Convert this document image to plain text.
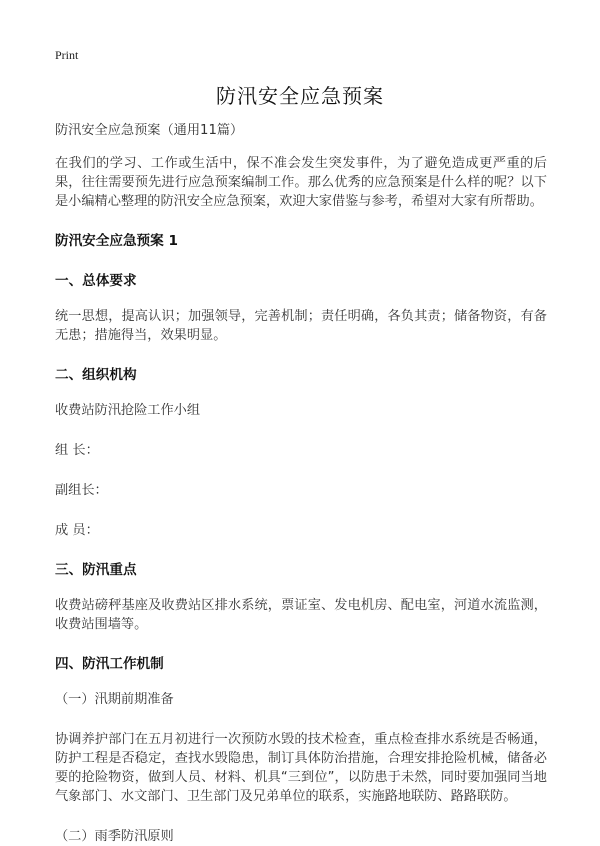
Print
防汛安全应急预案

防汛安全应急预案（通用11篇）

在我们的学习、工作或生活中，保不准会发生突发事件，为了避免造成更严重的后果，往往需要预先进行应急预案编制工作。那么优秀的应急预案是什么样的呢？以下是小编精心整理的防汛安全应急预案，欢迎大家借鉴与参考，希望对大家有所帮助。

防汛安全应急预案 1

一、总体要求

统一思想，提高认识；加强领导，完善机制；责任明确，各负其责；储备物资，有备无患；措施得当，效果明显。

二、组织机构

收费站防汛抢险工作小组

组 长：

副组长：

成 员：

三、防汛重点

收费站磅秤基座及收费站区排水系统，票证室、发电机房、配电室，河道水流监测，收费站围墙等。

四、防汛工作机制

（一）汛期前期准备

协调养护部门在五月初进行一次预防水毁的技术检查，重点检查排水系统是否畅通，防护工程是否稳定，查找水毁隐患，制订具体防治措施，合理安排抢险机械，储备必要的抢险物资，做到人员、材料、机具“三到位”，以防患于未然，同时要加强同当地气象部门、水文部门、卫生部门及兄弟单位的联系，实施路地联防、路路联防。

（二）雨季防汛原则
